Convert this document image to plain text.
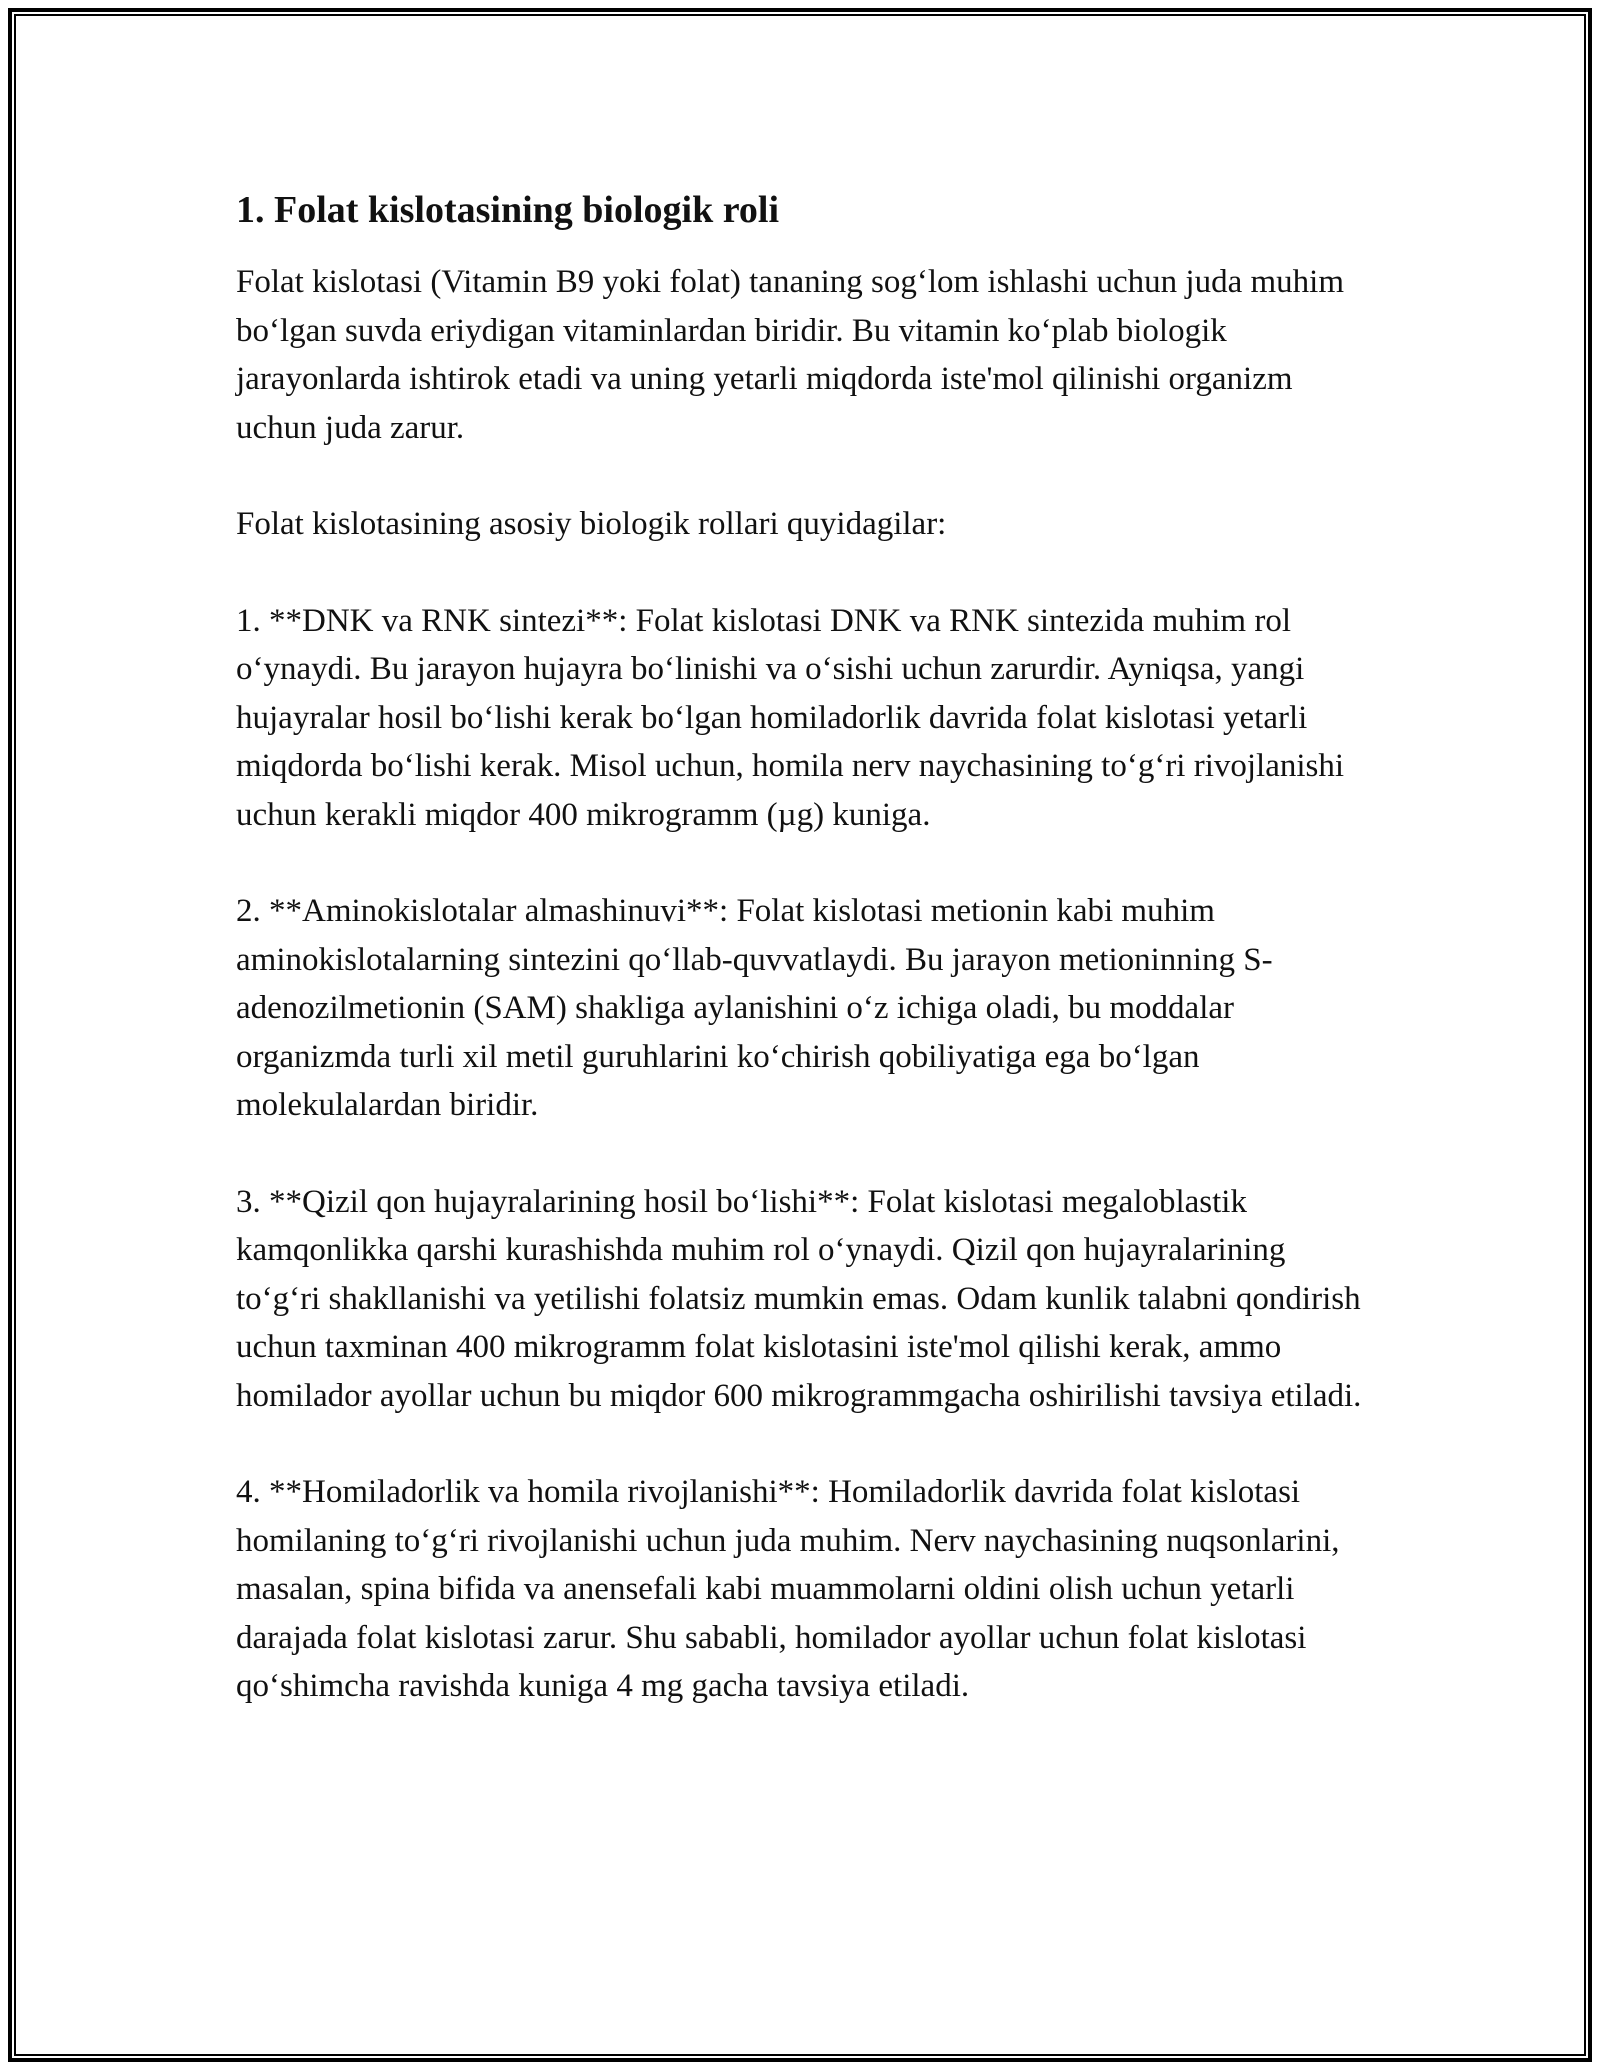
1. Folat kislotasining biologik roli

Folat kislotasi (Vitamin B9 yoki folat) tananing sog‘lom ishlashi uchun juda muhim bo‘lgan suvda eriydigan vitaminlardan biridir. Bu vitamin ko‘plab biologik jarayonlarda ishtirok etadi va uning yetarli miqdorda iste'mol qilinishi organizm uchun juda zarur.

Folat kislotasining asosiy biologik rollari quyidagilar:

1. **DNK va RNK sintezi**: Folat kislotasi DNK va RNK sintezida muhim rol o‘ynaydi. Bu jarayon hujayra bo‘linishi va o‘sishi uchun zarurdir. Ayniqsa, yangi hujayralar hosil bo‘lishi kerak bo‘lgan homiladorlik davrida folat kislotasi yetarli miqdorda bo‘lishi kerak. Misol uchun, homila nerv naychasining to‘g‘ri rivojlanishi uchun kerakli miqdor 400 mikrogramm (µg) kuniga.

2. **Aminokislotalar almashinuvi**: Folat kislotasi metionin kabi muhim aminokislotalarning sintezini qo‘llab-quvvatlaydi. Bu jarayon metioninning S-adenozilmetionin (SAM) shakliga aylanishini o‘z ichiga oladi, bu moddalar organizmda turli xil metil guruhlarini ko‘chirish qobiliyatiga ega bo‘lgan molekulalardan biridir.

3. **Qizil qon hujayralarining hosil bo‘lishi**: Folat kislotasi megaloblastik kamqonlikka qarshi kurashishda muhim rol o‘ynaydi. Qizil qon hujayralarining to‘g‘ri shakllanishi va yetilishi folatsiz mumkin emas. Odam kunlik talabni qondirish uchun taxminan 400 mikrogramm folat kislotasini iste'mol qilishi kerak, ammo homilador ayollar uchun bu miqdor 600 mikrogrammgacha oshirilishi tavsiya etiladi.

4. **Homiladorlik va homila rivojlanishi**: Homiladorlik davrida folat kislotasi homilaning to‘g‘ri rivojlanishi uchun juda muhim. Nerv naychasining nuqsonlarini, masalan, spina bifida va anensefali kabi muammolarni oldini olish uchun yetarli darajada folat kislotasi zarur. Shu sababli, homilador ayollar uchun folat kislotasi qo‘shimcha ravishda kuniga 4 mg gacha tavsiya etiladi.
